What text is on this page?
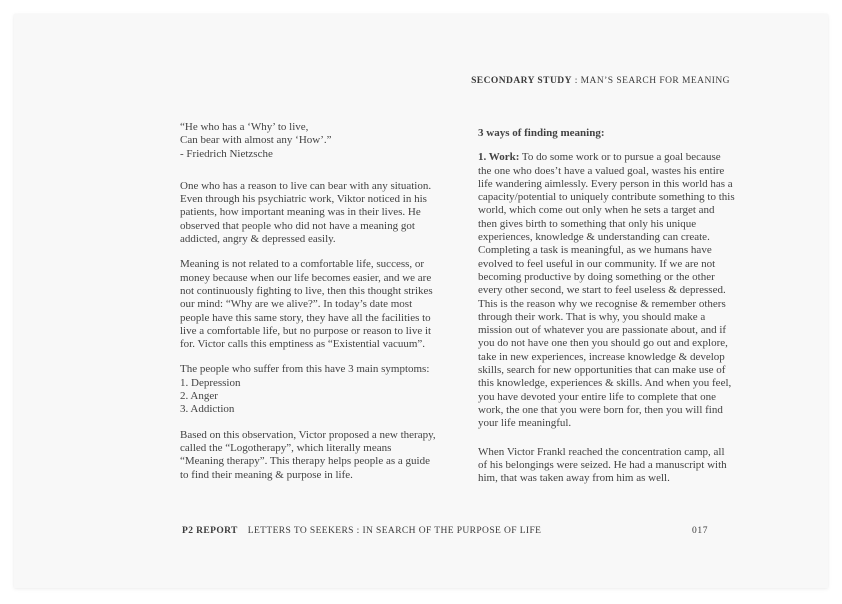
SECONDARY STUDY : MAN’S SEARCH FOR MEANING
“He who has a ‘Why’ to live,
Can bear with almost any ‘How’.”
- Friedrich Nietzsche
One who has a reason to live can bear with any situation. Even through his psychiatric work, Viktor noticed in his patients, how important meaning was in their lives. He observed that people who did not have a meaning got addicted, angry & depressed easily.
Meaning is not related to a comfortable life, success, or money because when our life becomes easier, and we are not continuously fighting to live, then this thought strikes our mind: “Why are we alive?”. In today’s date most people have this same story, they have all the facilities to live a comfortable life, but no purpose or reason to live it for. Victor calls this emptiness as “Existential vacuum”.
The people who suffer from this have 3 main symptoms:
1. Depression
2. Anger
3. Addiction
Based on this observation, Victor proposed a new therapy, called the “Logotherapy”, which literally means “Meaning therapy”. This therapy helps people as a guide to find their meaning & purpose in life.
3 ways of finding meaning:
1. Work: To do some work or to pursue a goal because the one who does’t have a valued goal, wastes his entire life wandering aimlessly. Every person in this world has a capacity/potential to uniquely contribute something to this world, which come out only when he sets a target and then gives birth to something that only his unique experiences, knowledge & understanding can create. Completing a task is meaningful, as we humans have evolved to feel useful in our community. If we are not becoming productive by doing something or the other every other second, we start to feel useless & depressed. This is the reason why we recognise & remember others through their work. That is why, you should make a mission out of whatever you are passionate about, and if you do not have one then you should go out and explore, take in new experiences, increase knowledge & develop skills, search for new opportunities that can make use of this knowledge, experiences & skills. And when you feel, you have devoted your entire life to complete that one work, the one that you were born for, then you will find your life meaningful.
When Victor Frankl reached the concentration camp, all of his belongings were seized. He had a manuscript with him, that was taken away from him as well.
P2 REPORT LETTERS TO SEEKERS : IN SEARCH OF THE PURPOSE OF LIFE	017
